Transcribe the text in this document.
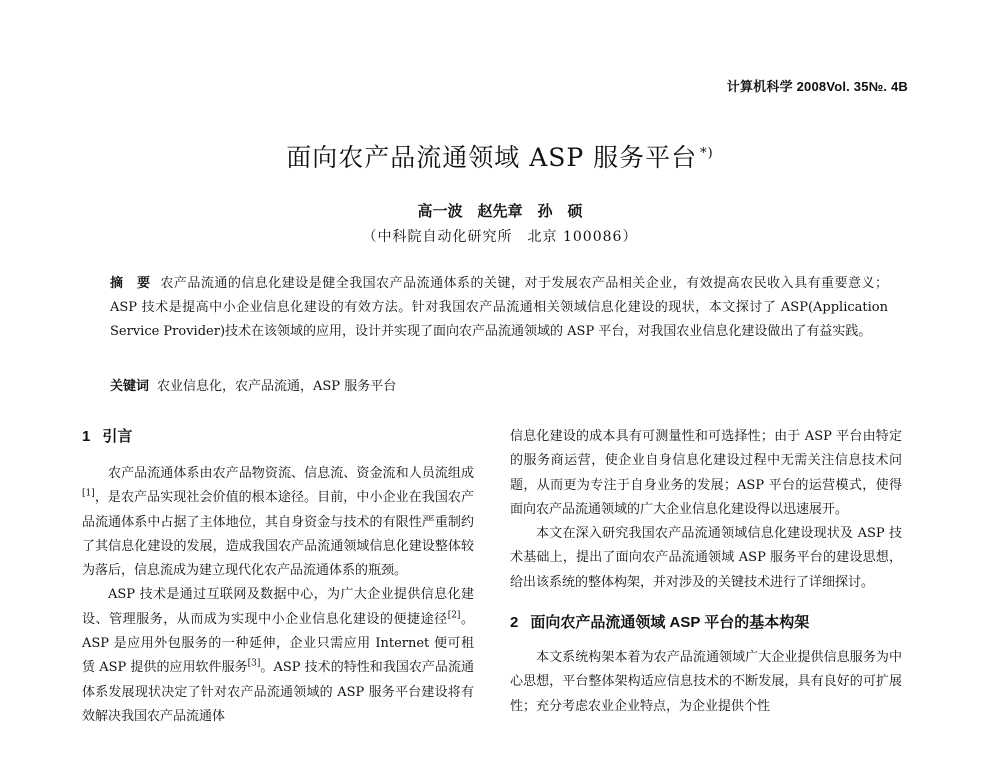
计算机科学 2008Vol. 35№. 4B
面向农产品流通领域 ASP 服务平台 *)
高一波　赵先章　孙　硕
（中科院自动化研究所　北京 100086）
摘　要 农产品流通的信息化建设是健全我国农产品流通体系的关键，对于发展农产品相关企业，有效提高农民收入具有重要意义；ASP 技术是提高中小企业信息化建设的有效方法。针对我国农产品流通相关领域信息化建设的现状，本文探讨了 ASP(Application Service Provider)技术在该领域的应用，设计并实现了面向农产品流通领域的 ASP 平台，对我国农业信息化建设做出了有益实践。
关键词 农业信息化，农产品流通，ASP 服务平台
1 引言

农产品流通体系由农产品物资流、信息流、资金流和人员流组成[1]，是农产品实现社会价值的根本途径。目前，中小企业在我国农产品流通体系中占据了主体地位，其自身资金与技术的有限性严重制约了其信息化建设的发展，造成我国农产品流通领域信息化建设整体较为落后，信息流成为建立现代化农产品流通体系的瓶颈。

ASP 技术是通过互联网及数据中心，为广大企业提供信息化建设、管理服务，从而成为实现中小企业信息化建设的便捷途径[2]。ASP 是应用外包服务的一种延伸，企业只需应用 Internet 便可租赁 ASP 提供的应用软件服务[3]。ASP 技术的特性和我国农产品流通体系发展现状决定了针对农产品流通领域的 ASP 服务平台建设将有效解决我国农产品流通体

信息化建设的成本具有可测量性和可选择性；由于 ASP 平台由特定的服务商运营，使企业自身信息化建设过程中无需关注信息技术问题，从而更为专注于自身业务的发展；ASP 平台的运营模式，使得面向农产品流通领域的广大企业信息化建设得以迅速展开。

本文在深入研究我国农产品流通领域信息化建设现状及 ASP 技术基础上，提出了面向农产品流通领域 ASP 服务平台的建设思想，给出该系统的整体构架，并对涉及的关键技术进行了详细探讨。

2 面向农产品流通领域 ASP 平台的基本构架

本文系统构架本着为农产品流通领域广大企业提供信息服务为中心思想，平台整体架构适应信息技术的不断发展，具有良好的可扩展性；充分考虑农业企业特点，为企业提供个性
